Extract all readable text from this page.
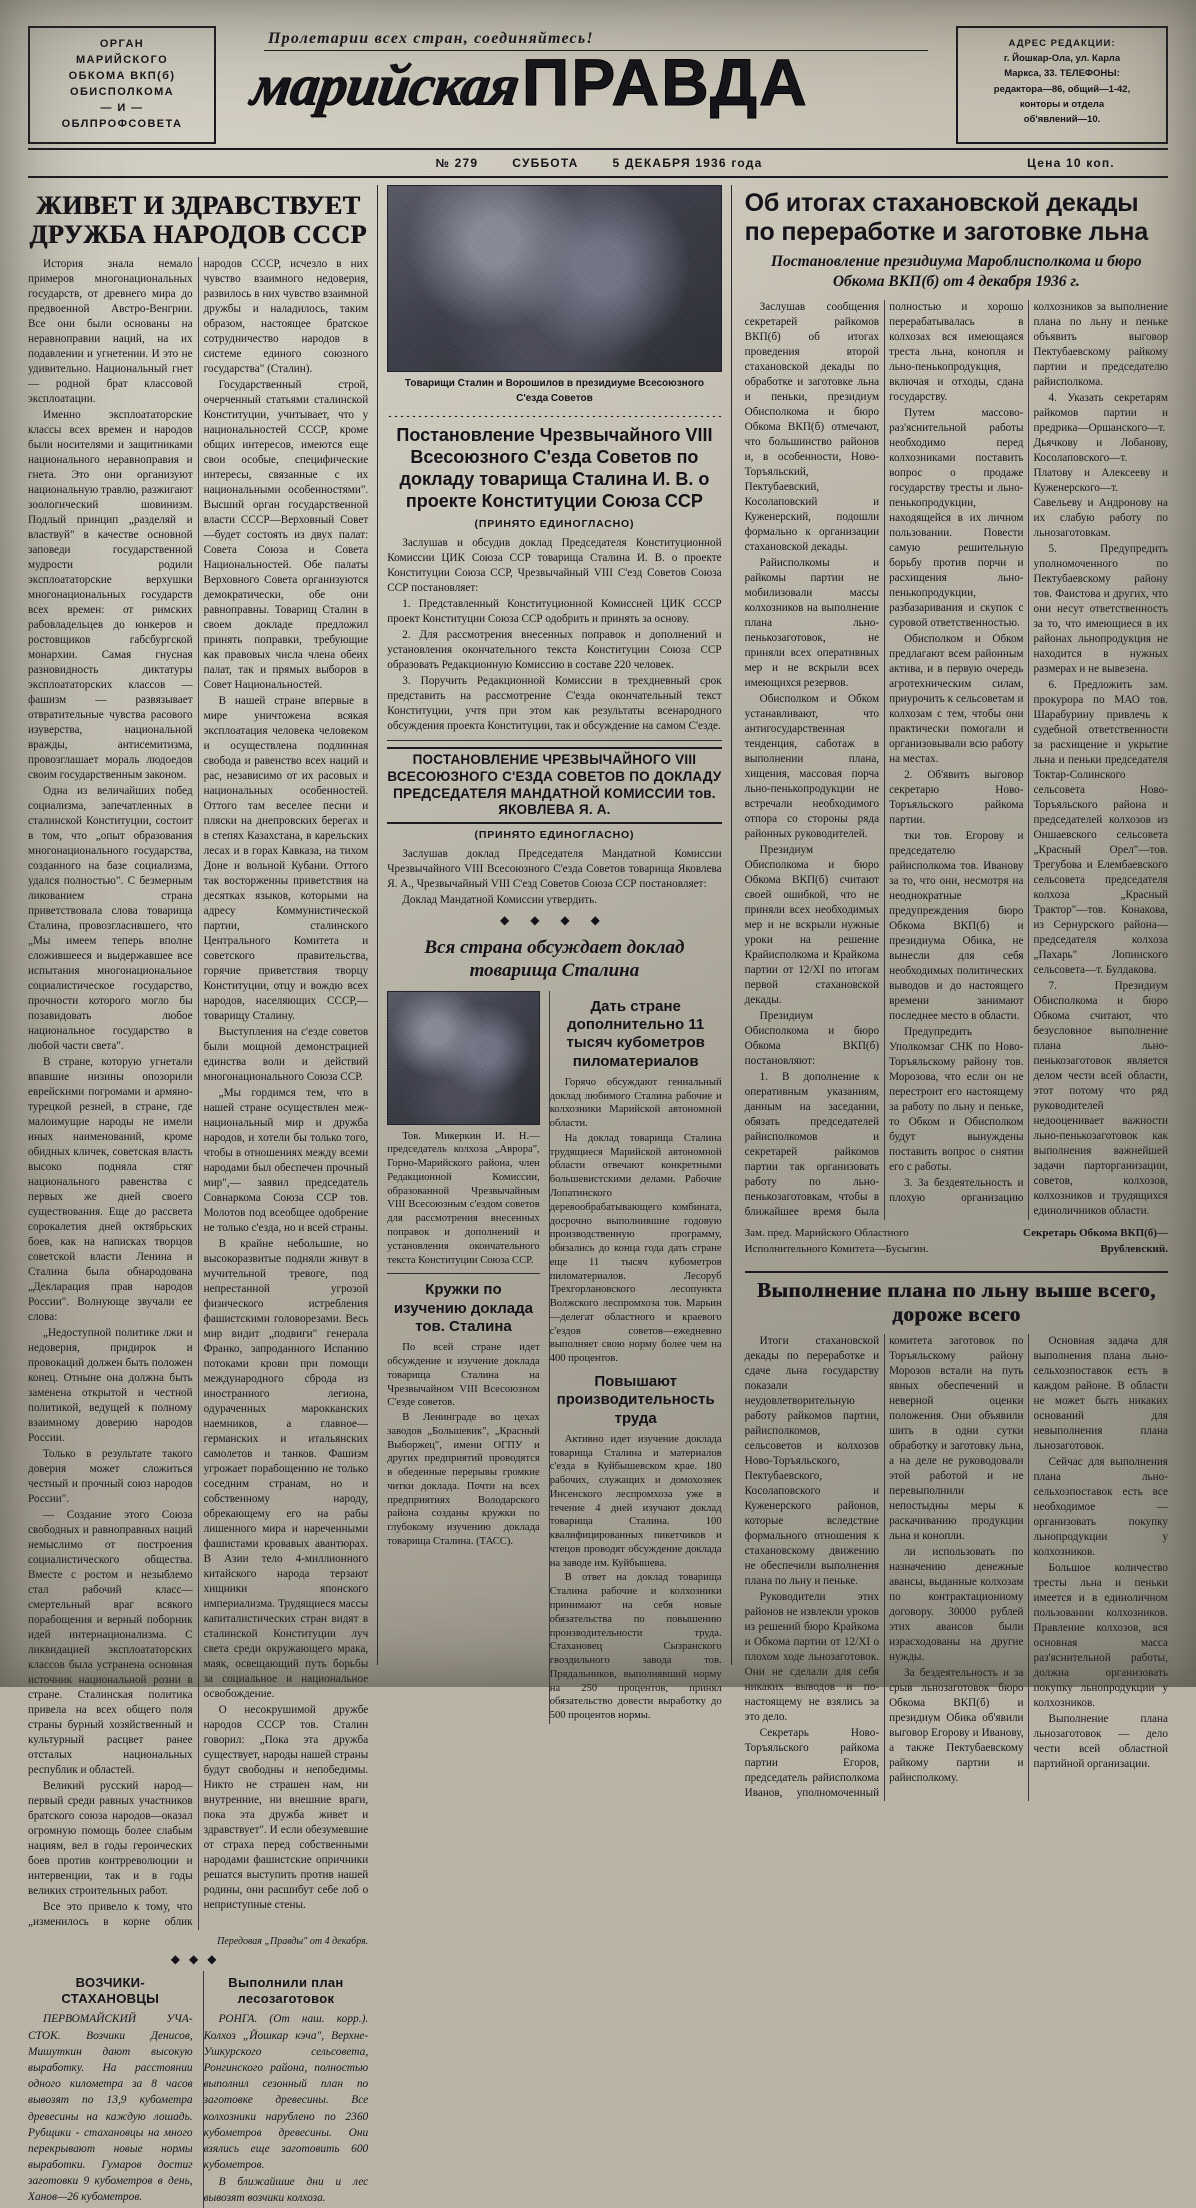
ОРГАН
МАРИЙСКОГО
ОБКОМА ВКП(б)
ОБИСПОЛКОМА
— И —
ОБЛПРОФСОВЕТА
Пролетарии всех стран, соединяйтесь!
марийская ПРАВДА
АДРЕС РЕДАКЦИИ:
г. Йошкар-Ола, ул. Карла
Маркса, 33. ТЕЛЕФОНЫ:
редактора—86, общий—1-42,
конторы и отдела
об'явлений—10.
№ 279	СУББОТА	5 ДЕКАБРЯ 1936 года	Цена 10 коп.
ЖИВЕТ И ЗДРАВСТВУЕТ ДРУЖБА НАРОДОВ СССР

История знала немало примеров многонациональных государств, от древнего мира до предвоенной Австро-Венгрии. Все они были основаны на неравноправии наций, на их подавлении и угнетении. И это не удивительно. Национальный гнет — родной брат классовой эксплоатации.

Именно эксплоататорские классы всех времен и народов были носителями и защитниками национального неравноправия и гнета. Это они организуют национальную травлю, разжигают зоологический шовинизм. Подлый принцип „разделяй и властвуй" в качестве основной заповеди государственной мудрости родили эксплоататорские верхушки многонациональных государств всех времен: от римских рабовладельцев до юнкеров и ростовщиков габсбургской монархии. Самая гнусная разновидность диктатуры эксплоататорских классов — фашизм — развязывает отвратительные чувства расового изуверства, национальной вражды, антисемитизма, провозглашает мораль людоедов своим государственным законом.

Одна из величайших побед социализма, запечатленных в сталинской Конституции, состоит в том, что „опыт образования многонационального государства, созданного на базе социализма, удался полностью". С безмерным ликованием страна приветствовала слова товарища Сталина, провозгласившего, что „Мы имеем теперь вполне сложившееся и выдержавшее все испытания многонациональное социалистическое государство, прочности которого могло бы позавидовать любое национальное государство в любой части света".

В стране, которую угнетали впавшие низины опозорили еврейскими погромами и армяно-турецкой резней, в стране, где малоимущие народы не имели иных наименований, кроме обидных кличек, советская власть высоко подняла стяг национального равенства с первых же дней своего существования. Еще до рассвета сорокалетия дней октябрьских боев, как на написках творцов советской власти Ленина и Сталина была обнародована „Декларация прав народов России". Волнующе звучали ее слова:

„Недоступной политике лжи и недоверия, придирок и провокаций должен быть положен конец. Отныне она должна быть заменена открытой и честной политикой, ведущей к полному взаимному доверию народов России.

Только в результате такого доверия может сложиться честный и прочный союз народов России".

— Создание этого Союза свободных и равноправных наций немыслимо от построения социалистического общества. Вместе с ростом и незыблемо стал рабочий класс—смертельный враг всякого порабощения и верный поборник идей интернационализма. С ликвидацией эксплоататорских классов была устранена основная источник национальной розни в стране. Сталинская политика привела на всех общего поля страны бурный хозяйственный и культурный расцвет ранее отсталых национальных республик и областей.

Великий русский народ—первый среди равных участников братского союза народов—оказал огромную помощь более слабым нациям, вел в годы героических боев против контрреволюции и интервенции, так и в годы великих строительных работ.

Все это привело к тому, что „изменилось в корне облик народов СССР, исчезло в них чувство взаимного недоверия, развилось в них чувство взаимной дружбы и наладилось, таким образом, настоящее братское сотрудничество народов в системе единого союзного государства" (Сталин).

Государственный строй, очерченный статьями сталинской Конституции, учитывает, что у национальностей СССР, кроме общих интересов, имеются еще свои особые, специфические интересы, связанные с их национальными особенностями". Высший орган государственной власти СССР—Верховный Совет—будет состоять из двух палат: Совета Союза и Совета Национальностей. Обе палаты Верховного Совета организуются демократически, обе они равноправны. Товарищ Сталин в своем докладе предложил принять поправки, требующие как правовых числа члена обеих палат, так и прямых выборов в Совет Национальностей.

В нашей стране впервые в мире уничтожена всякая эксплоатация человека человеком и осуществлена подлинная свобода и равенство всех наций и рас, независимо от их расовых и национальных особенностей. Оттого там веселее песни и пляски на днепровских берегах и в степях Казахстана, в карельских лесах и в горах Кавказа, на тихом Доне и вольной Кубани. Оттого так восторженны приветствия на десятках языков, которыми на адресу Коммунистической партии, сталинского Центрального Комитета и советского правительства, горячие приветствия творцу Конституции, отцу и вождю всех народов, населяющих СССР,—товарищу Сталину.

Выступления на с'езде советов были мощной демонстрацией единства воли и действий многонационального Союза ССР.

„Мы гордимся тем, что в нашей стране осуществлен межнациональный мир и дружба народов, и хотели бы только того, чтобы в отношениях между всеми народами был обеспечен прочный мир",— заявил председатель Совнаркома Союза ССР тов. Молотов под всеобщее одобрение не только с'езда, но и всей страны.

В крайне небольшие, но высокоразвитые подняли живут в мучительной тревоге, под непрестанной угрозой физического истребления фашистскими головорезами. Весь мир видит „подвиги" генерала Франко, запроданного Испанию потоками крови при помощи международного сброда из иностранного легиона, одураченных марокканских наемников, а главное—германских и итальянских самолетов и танков. Фашизм угрожает порабощению не только соседним странам, но и собственному народу, обрекающему его на рабы лишенного мира и нареченными фашистами кровавых авантюрах. В Азии тело 4-миллионного китайского народа терзают хищники японского империализма. Трудящиеся массы капиталистических стран видят в сталинской Конституции луч света среди окружающего мрака, маяк, освещающий путь борьбы за социальное и национальное освобождение.

О несокрушимой дружбе народов СССР тов. Сталин говорил: „Пока эта дружба существует, народы нашей страны будут свободны и непобедимы. Никто не страшен нам, ни внутренние, ни внешние враги, пока эта дружба живет и здравствует". И если обезумевшие от страха перед собственными народами фашистские опричники решатся выступить против нашей родины, они расшибут себе лоб о неприступные стены.

Передовая „Правды" от 4 декабря.
◆◆◆
ВОЗЧИКИ-СТАХАНОВЦЫ

ПЕРВОМАЙСКИЙ УЧА-СТОК. Возчики Денисов, Мишуткин дают высокую выработку. На расстоянии одного километра за 8 часов вывозят по 13,9 кубометра древесины на каждую лошадь. Рубщики - стахановцы на много перекрывают новые нормы выработки. Гумаров достиг заготовки 9 кубометров в день, Ханов—26 кубометров.

Выполнили план лесозаготовок

РОНГА. (От наш. корр.). Колхоз „Йошкар кэча", Верхне-Ушкурского сельсовета, Ронгинского района, полностью выполнил сезонный план по заготовке древесины. Все колхозники нарублено по 2360 кубометров древесины. Они взялись еще заготовить 600 кубометров.

В ближайшие дни и лес вывозят возчики колхоза.

Товарищи Сталин и Ворошилов в президиуме Всесоюзного С'езда Советов
Постановление Чрезвычайного VIII Всесоюзного С'езда Советов по докладу товарища Сталина И. В. о проекте Конституции Союза ССР
(ПРИНЯТО ЕДИНОГЛАСНО)

Заслушав и обсудив доклад Председателя Конституционной Комиссии ЦИК Союза ССР товарища Сталина И. В. о проекте Конституции Союза ССР, Чрезвычайный VIII С'езд Советов Союза ССР постановляет:

1. Представленный Конституционной Комиссией ЦИК СССР проект Конституции Союза ССР одобрить и принять за основу.

2. Для рассмотрения внесенных поправок и дополнений и установления окончательного текста Конституции Союза ССР образовать Редакционную Комиссию в составе 220 человек.

3. Поручить Редакционной Комиссии в трехдневный срок представить на рассмотрение С'езда окончательный текст Конституции, учтя при этом как результаты всенародного обсуждения проекта Конституции, так и обсуждение на самом С'езде.

ПОСТАНОВЛЕНИЕ ЧРЕЗВЫЧАЙНОГО VIII ВСЕСОЮЗНОГО С'ЕЗДА СОВЕТОВ ПО ДОКЛАДУ ПРЕДСЕДАТЕЛЯ МАНДАТНОЙ КОМИССИИ тов. ЯКОВЛЕВА Я. А.
(ПРИНЯТО ЕДИНОГЛАСНО)

Заслушав доклад Председателя Мандатной Комиссии Чрезвычайного VIII Всесоюзного С'езда Советов товарища Яковлева Я. А., Чрезвычайный VIII С'езд Советов Союза ССР постановляет:

Доклад Мандатной Комиссии утвердить.

◆ ◆ ◆ ◆
Вся страна обсуждает доклад товарища Сталина

Тов. Микеркин И. Н.—председатель колхоза „Аврора", Горно-Марийского района, член Редакционной Комиссии, образованной Чрезвычайным VIII Всесоюзным с'ездом советов для рассмотрения внесенных поправок и дополнений и установления окончательного текста Конституции Союза ССР.

Кружки по изучению доклада тов. Сталина

По всей стране идет обсуждение и изучение доклада товарища Сталина на Чрезвычайном VIII Всесоюзном С'езде советов.

В Ленинграде во цехах заводов „Большевик", „Красный Выборжец", имени ОГПУ и других предприятий проводятся в обеденные перерывы громкие читки доклада. Почти на всех предприятиях Володарского района созданы кружки по глубокому изучению доклада товарища Сталина. (ТАСС).

Дать стране дополнительно 11 тысяч кубометров пиломатериалов

Горячо обсуждают гениальный доклад любимого Сталина рабочие и колхозники Марийской автономной области.

На доклад товарища Сталина трудящиеся Марийской автономной области отвечают конкретными большевистскими делами. Рабочие Лопатинского деревообрабатывающего комбината, досрочно выполнившие годовую производственную программу, обязались до конца года дать стране еще 11 тысяч кубометров пиломатериалов. Лесоруб Трехгорлановского лесопункта Волжского леспромхоза тов. Марьин—делегат областного и краевого с'ездов советов—ежедневно выполняет свою норму более чем на 400 процентов.

Повышают производительность труда

Активно идет изучение доклада товарища Сталина и материалов с'езда в Куйбышевском крае. 180 рабочих, служащих и домохозяек Инсенского леспромхоза уже в течение 4 дней изучают доклад товарища Сталина. 100 квалифицированных пикетчиков и чтецов проводят обсуждение доклада на заводе им. Куйбышева.

В ответ на доклад товарища Сталина рабочие и колхозники принимают на себя новые обязательства по повышению производительности труда. Стахановец Сызранского гвоздильного завода тов. Прядальников, выполнявший норму на 250 процентов, принял обязательство довести выработку до 500 процентов нормы.

Об итогах стахановской декады по переработке и заготовке льна
Постановление президиума Мароблисполкома и бюро Обкома ВКП(б) от 4 декабря 1936 г.

Заслушав сообщения секретарей райкомов ВКП(б) об итогах проведения второй стахановской декады по обработке и заготовке льна и пеньки, президиум Обисполкома и бюро Обкома ВКП(б) отмечают, что большинство районов и, в особенности, Ново-Торъяльский, Пектубаевский, Косолаповский и Куженерский, подошли формально к организации стахановской декады.

Райисполкомы и райкомы партии не мобилизовали массы колхозников на выполнение плана льно-пенькозаготовок, не приняли всех оперативных мер и не вскрыли всех имеющихся резервов.

Обисполком и Обком устанавливают, что антигосударственная тенденция, саботаж в выполнении плана, хищения, массовая порча льно-пенькопродукции не встречали необходимого отпора со стороны ряда районных руководителей.

Президиум Обисполкома и бюро Обкома ВКП(б) считают своей ошибкой, что не приняли всех необходимых мер и не вскрыли нужные уроки на решение Крайисполкома и Крайкома партии от 12/XI по итогам первой стахановской декады.

Президиум Обисполкома и бюро Обкома ВКП(б) постановляют:

1. В дополнение к оперативным указаниям, данным на заседании, обязать председателей райисполкомов и секретарей райкомов партии так организовать работу по льно-пенькозаготовкам, чтобы в ближайшее время была полностью и хорошо перерабатывалась в колхозах вся имеющаяся треста льна, конопля и льно-пенькопродукция, включая и отходы, сдана государству.

Путем массово-раз'яснительной работы необходимо перед колхозниками поставить вопрос о продаже государству тресты и льно-пенькопродукции, находящейся в их личном пользовании. Повести самую решительную борьбу против порчи и расхищения льно-пенькопродукции, разбазаривания и скупок с суровой ответственностью.

Обисполком и Обком предлагают всем районным актива, и в первую очередь агротехническим силам, приурочить к сельсоветам и колхозам с тем, чтобы они практически помогали и организовывали всю работу на местах.

2. Об'явить выговор секретарю Ново-Торъяльского райкома партии.

тки тов. Егорову и председателю райисполкома тов. Иванову за то, что они, несмотря на неоднократные предупреждения бюро Обкома ВКП(б) и президиума Обика, не вынесли для себя необходимых политических выводов и до настоящего времени занимают последнее место в области.

Предупредить Уполкомзаг СНК по Ново-Торъяльскому району тов. Морозова, что если он не перестроит его настоящему за работу по льну и пеньке, то Обком и Обисполком будут вынуждены поставить вопрос о снятии его с работы.

3. За бездеятельность и плохую организацию колхозников за выполнение плана по льну и пеньке объявить выговор Пектубаевскому райкому партии и председателю райисполкома.

4. Указать секретарям райкомов партии и предрика—Оршанского—т. Дьячкову и Лобанову, Косолаповского—т. Платову и Алексееву и Куженерского—т. Савельеву и Андронову на их слабую работу по льнозаготовкам.

5. Предупредить уполномоченного по Пектубаевскому району тов. Фаистова и других, что они несут ответственность за то, что имеющиеся в их районах льнопродукция не находится в нужных размерах и не вывезена.

6. Предложить зам. прокурора по МАО тов. Шарабурину привлечь к судебной ответственности за расхищение и укрытие льна и пеньки председателя Токтар-Солинского сельсовета Ново-Торъяльского района и председателей колхозов из Оншаевского сельсовета „Красный Орел"—тов. Трегубова и Елембаевского сельсовета председателя колхоза „Красный Трактор"—тов. Конакова, из Сернурского района—председателя колхоза „Пахарь" Лопинского сельсовета—т. Булдакова.

7. Президиум Обисполкома и бюро Обкома считают, что безусловное выполнение плана льно-пенькозаготовок является делом чести всей области, этот потому что ряд руководителей недооценивает важности льно-пенькозаготовок как выполнения важнейшей задачи парторганизации, советов, колхозов, колхозников и трудящихся единоличников области.

Зам. пред. Марийского Областного Исполнительного Комитета—Бусыгин.
Секретарь Обкома ВКП(б)—Врублевский.
Выполнение плана по льну выше всего, дороже всего

Итоги стахановской декады по переработке и сдаче льна государству показали неудовлетворительную работу райкомов партии, райисполкомов, сельсоветов и колхозов Ново-Торъяльского, Пектубаевского, Косолаповского и Куженерского районов, которые вследствие формального отношения к стахановскому движению не обеспечили выполнения плана по льну и пеньке.

Руководители этих районов не извлекли уроков из решений бюро Крайкома и Обкома партии от 12/XI о плохом ходе льнозаготовок. Они не сделали для себя никаких выводов и по-настоящему не взялись за это дело.

Секретарь Ново-Торъяльского райкома партии Егоров, председатель райисполкома Иванов, уполномоченный комитета заготовок по Торъяльскому району Морозов встали на путь явных обеспечений и неверной оценки положения. Они объявили шить в одни сутки обработку и заготовку льна, а на деле не руководовали этой работой и не перевыполнили непостыдны меры к раскачиванию продукции льна и конопли.

ли использовать по назначению денежные авансы, выданные колхозам по контрактационному договору. 30000 рублей этих авансов были израсходованы на другие нужды.

За бездеятельность и за срыв льнозаготовок бюро Обкома ВКП(б) и президиум Обика об'явили выговор Егорову и Иванову, а также Пектубаевскому райкому партии и райисполкому.

Основная задача для выполнения плана льно-сельхозпоставок есть в каждом районе. В области не может быть никаких оснований для невыполнения плана льнозаготовок.

Сейчас для выполнения плана льно-сельхозпоставок есть все необходимое — организовать покупку льнопродукции у колхозников.

Большое количество тресты льна и пеньки имеется и в единоличном пользовании колхозников. Правление колхозов, вся основная масса раз'яснительной работы, должна организовать покупку льнопродукции у колхозников.

Выполнение плана льнозаготовок — дело чести всей областной партийной организации.
